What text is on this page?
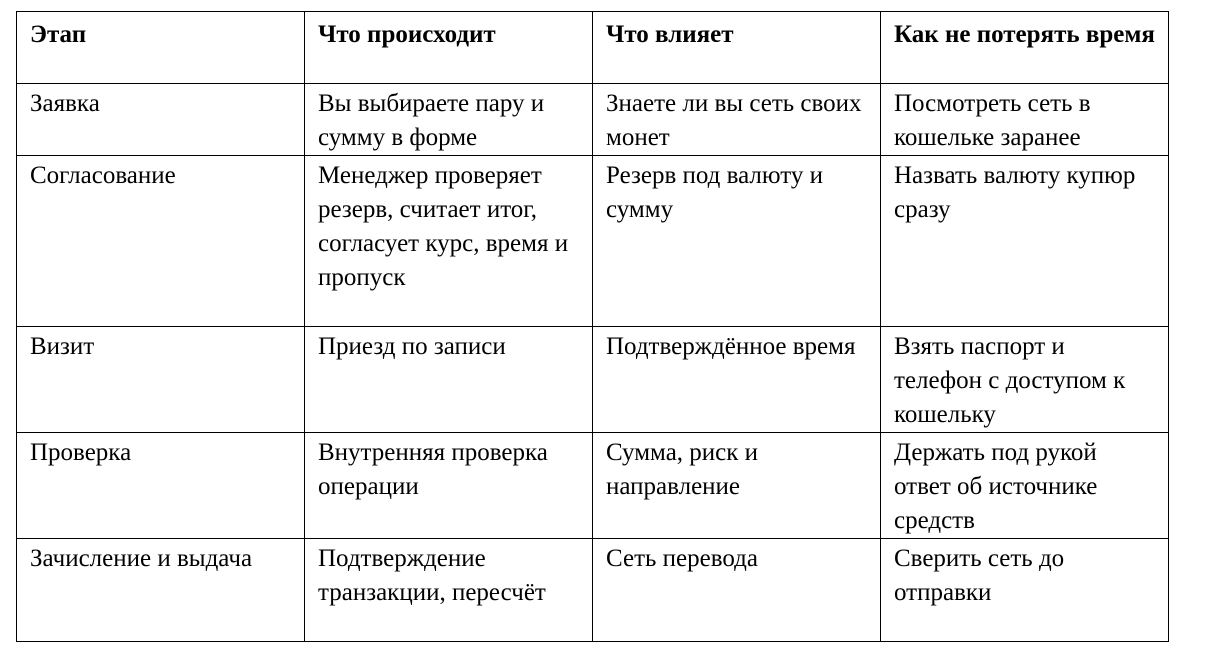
Этап	Что происходит	Что влияет	Как не потерять время
Заявка	Вы выбираете пару и сумму в форме	Знаете ли вы сеть своих монет	Посмотреть сеть в кошельке заранее
Согласование	Менеджер проверяет резерв, считает итог, согласует курс, время и пропуск	Резерв под валюту и сумму	Назвать валюту купюр сразу
Визит	Приезд по записи	Подтверждённое время	Взять паспорт и телефон с доступом к кошельку
Проверка	Внутренняя проверка операции	Сумма, риск и направление	Держать под рукой ответ об источнике средств
Зачисление и выдача	Подтверждение транзакции, пересчёт	Сеть перевода	Сверить сеть до отправки
